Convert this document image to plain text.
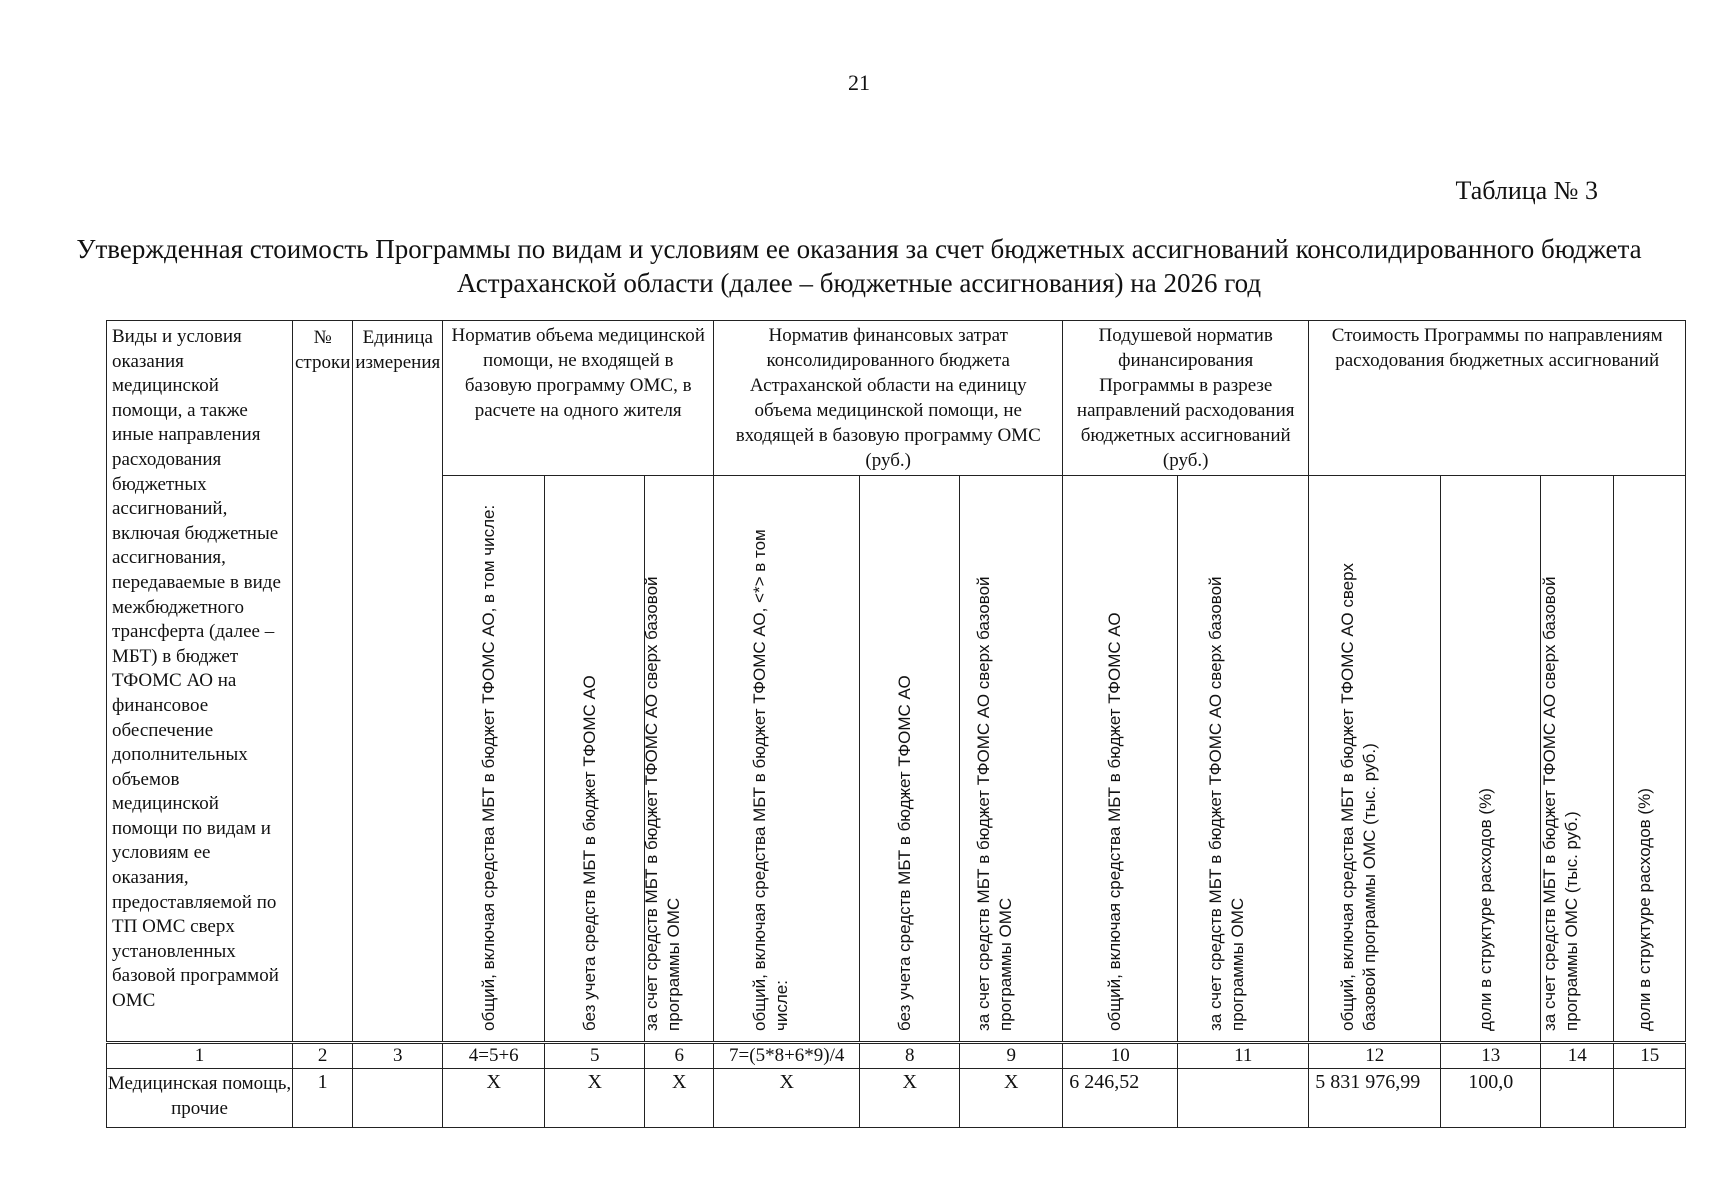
21
Таблица № 3
Утвержденная стоимость Программы по видам и условиям ее оказания за счет бюджетных ассигнований консолидированного бюджета Астраханской области (далее – бюджетные ассигнования) на 2026 год
Виды и условия оказания медицинской помощи, а также иные направления расходования бюджетных ассигнований, включая бюджетные ассигнования, передаваемые в виде межбюджетного трансферта (далее – МБТ) в бюджет ТФОМС АО на финансовое обеспечение дополнительных объемов медицинской помощи по видам и условиям ее оказания, предоставляемой по ТП ОМС сверх установленных базовой программой ОМС	№ строки	Единица измерения	Норматив объема медицинской помощи, не входящей в базовую программу ОМС, в расчете на одного жителя			Норматив финансовых затрат консолидированного бюджета Астраханской области на единицу объема медицинской помощи, не входящей в базовую программу ОМС (руб.)			Подушевой норматив финансирования Программы в разрезе направлений расходования бюджетных ассигнований (руб.)		Стоимость Программы по направлениям расходования бюджетных ассигнований			

			общий, включая средства МБТ в бюджет ТФОМС АО, в том числе:	без учета средств МБТ в бюджет ТФОМС АО	за счет средств МБТ в бюджет ТФОМС АО сверх базовой программы ОМС	общий, включая средства МБТ в бюджет ТФОМС АО, <*> в том числе:	без учета средств МБТ в бюджет ТФОМС АО	за счет средств МБТ в бюджет ТФОМС АО сверх базовой программы ОМС	общий, включая средства МБТ в бюджет ТФОМС АО	за счет средств МБТ в бюджет ТФОМС АО сверх базовой программы ОМС	общий, включая средства МБТ в бюджет ТФОМС АО сверх базовой программы ОМС (тыс. руб.)	доли в структуре расходов (%)	за счет средств МБТ в бюджет ТФОМС АО сверх базовой программы ОМС (тыс. руб.)	доли в структуре расходов (%)

1	2	3	4=5+6	5	6	7=(5*8+6*9)/4	8	9	10	11	12	13	14	15
Медицинская помощь, прочие	1		X	X	X	X	X	X	6 246,52		5 831 976,99	100,0		
